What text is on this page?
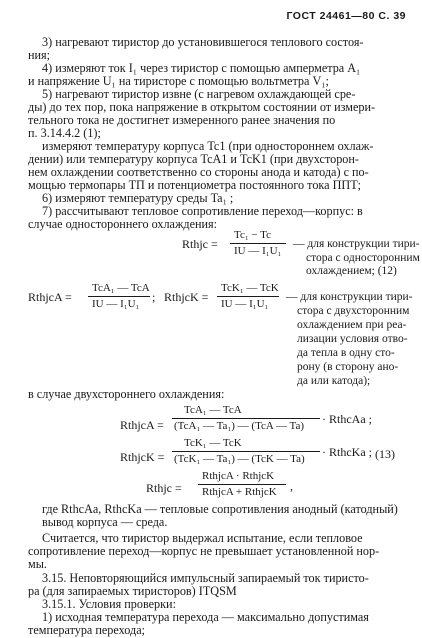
ГОСТ 24461—80 С. 39
3) нагревают тиристор до установившегося теплового состоя-
ния;
4) измеряют ток I₁ через тиристор с помощью амперметра A₁
и напряжение U₁ на тиристоре с помощью вольтметра V₁;
5) нагревают тиристор извне (с нагревом охлаждающей сре-
ды) до тех пор, пока напряжение в открытом состоянии от измери-
тельного тока не достигнет измеренного ранее значения по
п. 3.14.4.2 (1);
измеряют температуру корпуса Tc1 (при одностороннем охлаж-
дении) или температуру корпуса TcA1 и TcK1 (при двухсторон-
нем охлаждении соответственно со стороны анода и катода) с по-
мощью термопары ТП и потенциометра постоянного тока ППТ;
6) измеряют температуру среды Ta₁ ;
7) рассчитывают тепловое сопротивление переход—корпус: в
случае одностороннего охлаждения:
Rthjc =
Tc₁ − Tc
IU — I₁U₁
— для конструкции тири-
стора с односторонним
охлаждением; (12)
RthjcA =
TcA₁ — TcA
IU — I₁U₁ ; RthjcK =
TcK₁ — TcK
IU — I₁U₁
— для конструкции тири-
стора с двухсторонним
охлаждением при реа-
лизации условия отво-
да тепла в одну сто-
рону (в сторону ано-
да или катода);
в случае двухстороннего охлаждения:
RthjcA =
TcA₁ — TcA
(TcA₁ — Ta₁) — (TcA — Ta) · RthcAa ;
RthjcK =
TcK₁ — TcK
(TcK₁ — Ta₁) — (TcK — Ta) · RthcKa ; (13)
Rthjc =
RthjcA · RthjcK
RthjcA + RthjcK ,
где RthcAa, RthcKa — тепловые сопротивления анодный (катодный)
вывод корпуса — среда.
Считается, что тиристор выдержал испытание, если тепловое
сопротивление переход—корпус не превышает установленной нор-
мы.
3.15. Неповторяющийся импульсный запираемый ток тиристо-
ра (для запираемых тиристоров) ITQSM
3.15.1. Условия проверки:
1) исходная температура перехода — максимально допустимая
температура перехода;
